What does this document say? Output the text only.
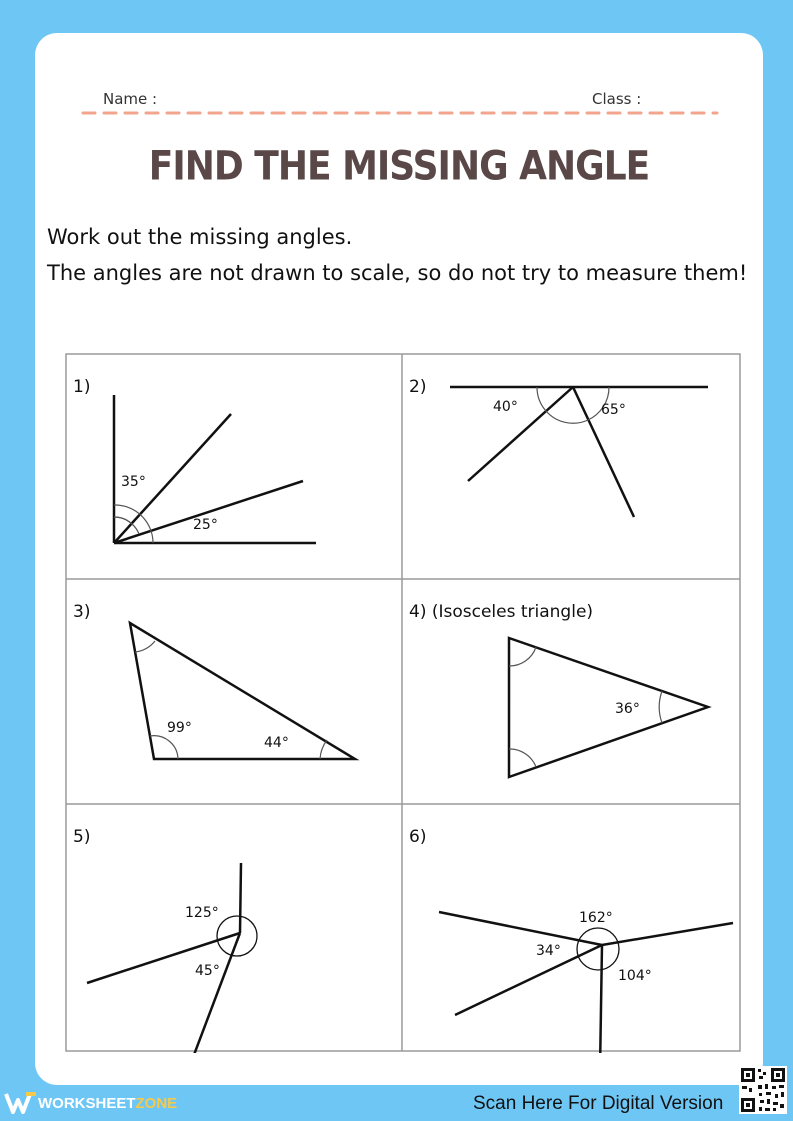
Name :	Class :
FIND THE MISSING ANGLE
Work out the missing angles.
The angles are not drawn to scale, so do not try to measure them!
1)
35°
25°
2)
40°	65°
3)
99°
44°
4) (Isosceles triangle)
36°
5)
125°
45°
6)
162°
34°
104°
WORKSHEET ZONE	Scan Here For Digital Version
